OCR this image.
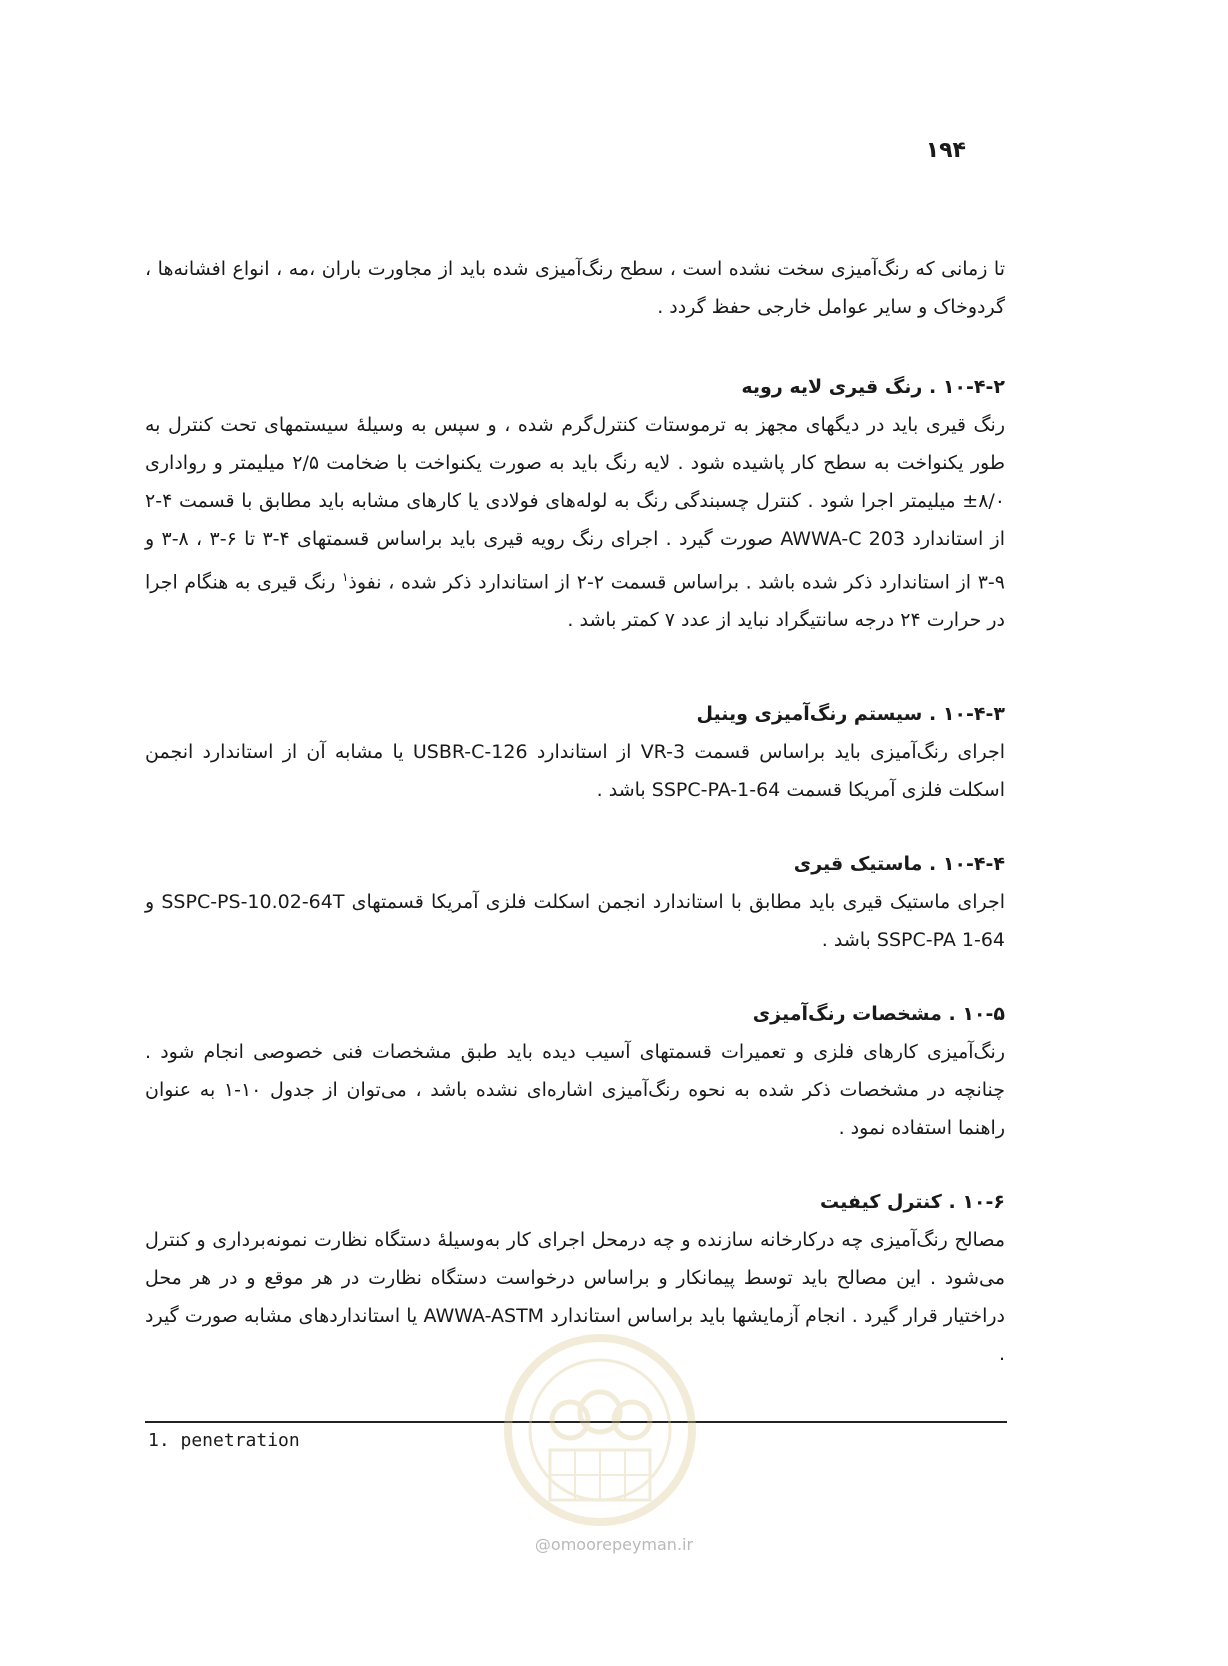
۱۹۴

تا زمانی که رنگ‌آمیزی سخت نشده است ، سطح رنگ‌آمیزی شده باید از مجاورت باران ،مه ، انواع افشانه‌ها ، گردوخاک و سایر عوامل خارجی حفظ گردد .

۱۰-۴-۲ . رنگ قیری لایه رویه

رنگ قیری باید در دیگهای مجهز به ترموستات کنترل‌گرم شده ، و سپس به وسیله‌ٔ سیستمهای تحت کنترل به طور یکنواخت به سطح کار پاشیده شود . لایه رنگ باید به صورت یکنواخت با ضخامت ۲/۵ میلیمتر و رواداری ۸/۰± میلیمتر اجرا شود . کنترل چسبندگی رنگ به لوله‌های فولادی یا کارهای مشابه باید مطابق با قسمت ۴-۲ از استاندارد AWWA-C 203 صورت گیرد . اجرای رنگ رویه قیری باید براساس قسمتهای ۴-۳ تا ۶-۳ ، ۸-۳ و ۹-۳ از استاندارد ذکر شده باشد . براساس قسمت ۲-۲ از استاندارد ذکر شده ، نفوذ$^۱$ رنگ قیری به هنگام اجرا در حرارت ۲۴ درجه سانتیگراد نباید از عدد ۷ کمتر باشد .

۱۰-۴-۳ . سیستم رنگ‌آمیزی وینیل

اجرای رنگ‌آمیزی باید براساس قسمت VR-3 از استاندارد USBR-C-126 یا مشابه آن از استاندارد انجمن اسکلت فلزی آمریکا قسمت SSPC-PA-1-64 باشد .

۱۰-۴-۴ . ماستیک قیری

اجرای ماستیک قیری باید مطابق با استاندارد انجمن اسکلت فلزی آمریکا قسمتهای SSPC-PS-10.02-64T و SSPC-PA 1-64 باشد .

۱۰-۵ . مشخصات رنگ‌آمیزی

رنگ‌آمیزی کارهای فلزی و تعمیرات قسمتهای آسیب دیده باید طبق مشخصات فنی خصوصی انجام شود . چنانچه در مشخصات ذکر شده به نحوه رنگ‌آمیزی اشاره‌ای نشده باشد ، می‌توان از جدول ۱۰-۱ به عنوان راهنما استفاده نمود .

۱۰-۶ . کنترل کیفیت

مصالح رنگ‌آمیزی چه درکارخانه سازنده و چه درمحل اجرای کار به‌وسیله‌ٔ دستگاه نظارت نمونه‌برداری و کنترل می‌شود . این مصالح باید توسط پیمانکار و براساس درخواست دستگاه نظارت در هر موقع و در هر محل دراختیار قرار گیرد . انجام آزمایشها باید براساس استاندارد AWWA-ASTM یا استانداردهای مشابه صورت گیرد .

1. penetration
@omoorepeyman.ir
